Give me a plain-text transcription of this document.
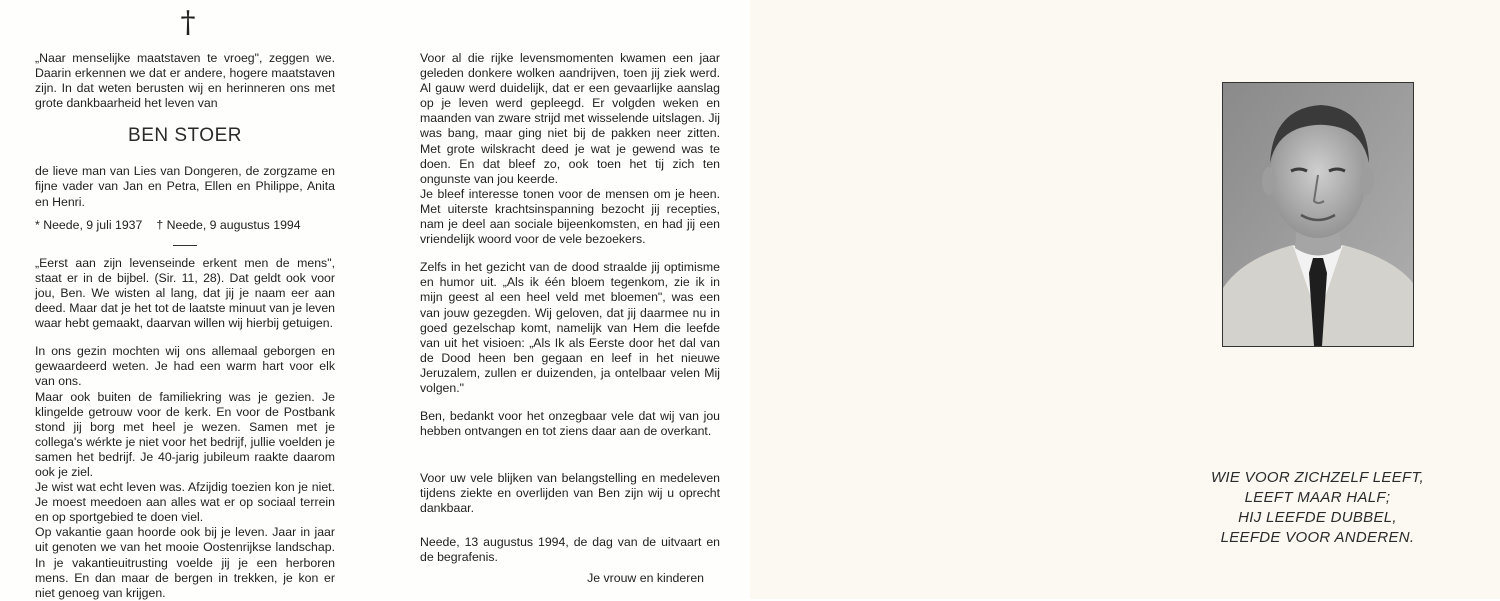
†

„Naar menselijke maatstaven te vroeg", zeggen we. Daarin erkennen we dat er andere, hogere maatstaven zijn. In dat weten berusten wij en herinneren ons met grote dankbaarheid het leven van

BEN STOER

de lieve man van Lies van Dongeren, de zorgzame en fijne vader van Jan en Petra, Ellen en Philippe, Anita en Henri.

* Neede, 9 juli 1937 † Neede, 9 augustus 1994

„Eerst aan zijn levenseinde erkent men de mens", staat er in de bijbel. (Sir. 11, 28). Dat geldt ook voor jou, Ben. We wisten al lang, dat jij je naam eer aan deed. Maar dat je het tot de laatste minuut van je leven waar hebt gemaakt, daarvan willen wij hierbij getuigen.

In ons gezin mochten wij ons allemaal geborgen en gewaardeerd weten. Je had een warm hart voor elk van ons.

Maar ook buiten de familiekring was je gezien. Je klingelde getrouw voor de kerk. En voor de Postbank stond jij borg met heel je wezen. Samen met je collega's wérkte je niet voor het bedrijf, jullie voelden je samen het bedrijf. Je 40-jarig jubileum raakte daarom ook je ziel.

Je wist wat echt leven was. Afzijdig toezien kon je niet. Je moest meedoen aan alles wat er op sociaal terrein en op sportgebied te doen viel.

Op vakantie gaan hoorde ook bij je leven. Jaar in jaar uit genoten we van het mooie Oostenrijkse landschap. In je vakantieuitrusting voelde jij je een herboren mens. En dan maar de bergen in trekken, je kon er niet genoeg van krijgen.

Voor al die rijke levensmomenten kwamen een jaar geleden donkere wolken aandrijven, toen jij ziek werd. Al gauw werd duidelijk, dat er een gevaarlijke aanslag op je leven werd gepleegd. Er volgden weken en maanden van zware strijd met wisselende uitslagen. Jij was bang, maar ging niet bij de pakken neer zitten. Met grote wilskracht deed je wat je gewend was te doen. En dat bleef zo, ook toen het tij zich ten ongunste van jou keerde.

Je bleef interesse tonen voor de mensen om je heen. Met uiterste krachtsinspanning bezocht jij recepties, nam je deel aan sociale bijeenkomsten, en had jij een vriendelijk woord voor de vele bezoekers.

Zelfs in het gezicht van de dood straalde jij optimisme en humor uit. „Als ik één bloem tegenkom, zie ik in mijn geest al een heel veld met bloemen", was een van jouw gezegden. Wij geloven, dat jij daarmee nu in goed gezelschap komt, namelijk van Hem die leefde van uit het visioen: „Als Ik als Eerste door het dal van de Dood heen ben gegaan en leef in het nieuwe Jeruzalem, zullen er duizenden, ja ontelbaar velen Mij volgen."

Ben, bedankt voor het onzegbaar vele dat wij van jou hebben ontvangen en tot ziens daar aan de overkant.

Voor uw vele blijken van belangstelling en medeleven tijdens ziekte en overlijden van Ben zijn wij u oprecht dankbaar.

Neede, 13 augustus 1994, de dag van de uitvaart en de begrafenis.

Je vrouw en kinderen

WIE VOOR ZICHZELF LEEFT,
LEEFT MAAR HALF;
HIJ LEEFDE DUBBEL,
LEEFDE VOOR ANDEREN.
